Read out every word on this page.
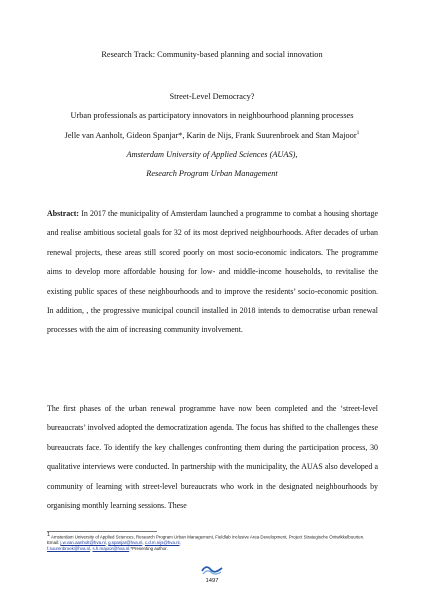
Research Track: Community-based planning and social innovation
Street-Level Democracy?
Urban professionals as participatory innovators in neighbourhood planning processes
Jelle van Aanholt, Gideon Spanjar*, Karin de Nijs, Frank Suurenbroek and Stan Majoor$^1$
Amsterdam University of Applied Sciences (AUAS),
Research Program Urban Management
Abstract: In 2017 the municipality of Amsterdam launched a programme to combat a housing shortage and realise ambitious societal goals for 32 of its most deprived neighbourhoods. After decades of urban renewal projects, these areas still scored poorly on most socio-economic indicators. The programme aims to develop more affordable housing for low- and middle-income households, to revitalise the existing public spaces of these neighbourhoods and to improve the residents’ socio-economic position. In addition, , the progressive municipal council installed in 2018 intends to democratise urban renewal processes with the aim of increasing community involvement.
The first phases of the urban renewal programme have now been completed and the ‘street-level bureaucrats’ involved adopted the democratization agenda. The focus has shifted to the challenges these bureaucrats face. To identify the key challenges confronting them during the participation process, 30 qualitative interviews were conducted. In partnership with the municipality, the AUAS also developed a community of learning with street-level bureaucrats who work in the designated neighbourhoods by organising monthly learning sessions. These
$^1$ Amsterdam University of Applied Sciences, Research Program Urban Management, Fieldlab Inclusive Area Development, Project Strategische Ontwikkelbuurten. Email: j.w.van.aanholt@hva.nl, g.spanjar@hva.nl, c.d.m.nijs@hva.nl,
f.suurenbroek@hva.nl, s.h.majoor@hva.nl.*Presenting author.
1497
